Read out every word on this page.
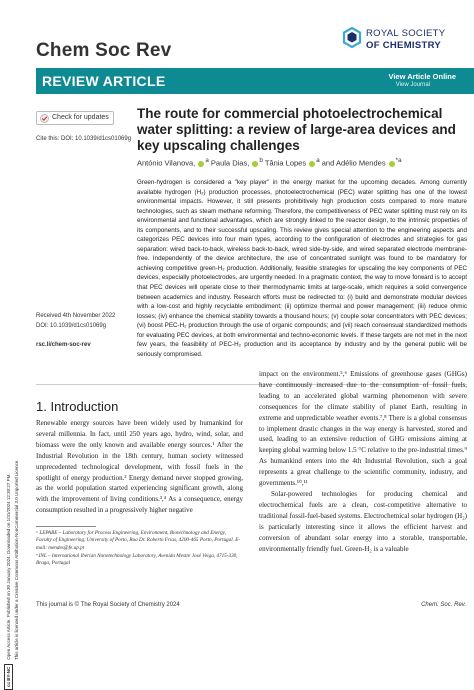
Chem Soc Rev
ROYAL SOCIETY
OF CHEMISTRY
REVIEW ARTICLE	View Article Online
View Journal
cc BY-NCOpen Access Article. Published on 30 January 2024. Downloaded on 1/31/2024 12:30:27 PM. This article is licensed under a Creative Commons Attribution-NonCommercial 3.0 Unported Licence.
Check for updates
Cite this: DOI: 10.1039/d1cs01069g
The route for commercial photoelectrochemical water splitting: a review of large-area devices and key upscaling challenges
António Vilanova, $^a$ Paula Dias, $^b$ Tânia Lopes $^a$ and Adélio Mendes $^{*a}$
Green-hydrogen is considered a "key player" in the energy market for the upcoming decades. Among currently available hydrogen (H₂) production processes, photoelectrochemical (PEC) water splitting has one of the lowest environmental impacts. However, it still presents prohibitively high production costs compared to more mature technologies, such as steam methane reforming. Therefore, the competitiveness of PEC water splitting must rely on its environmental and functional advantages, which are strongly linked to the reactor design, to the intrinsic properties of its components, and to their successful upscaling. This review gives special attention to the engineering aspects and categorizes PEC devices into four main types, according to the configuration of electrodes and strategies for gas separation: wired back-to-back, wireless back-to-back, wired side-by-side, and wired separated electrode membrane-free. Independently of the device architecture, the use of concentrated sunlight was found to be mandatory for achieving competitive green-H₂ production. Additionally, feasible strategies for upscaling the key components of PEC devices, especially photoelectrodes, are urgently needed. In a pragmatic context, the way to move forward is to accept that PEC devices will operate close to their thermodynamic limits at large-scale, which requires a solid convergence between academics and industry. Research efforts must be redirected to: (i) build and demonstrate modular devices with a low-cost and highly recyclable embodiment; (ii) optimize thermal and power management; (iii) reduce ohmic losses; (iv) enhance the chemical stability towards a thousand hours; (v) couple solar concentrators with PEC devices; (vi) boost PEC-H₂ production through the use of organic compounds; and (vii) reach consensual standardized methods for evaluating PEC devices, at both environmental and techno-economic levels. If these targets are not met in the next few years, the feasibility of PEC-H₂ production and its acceptance by industry and by the general public will be seriously compromised.
Received 4th November 2022
DOI: 10.1039/d1cs01069g
rsc.li/chem-soc-rev
1. Introduction

Renewable energy sources have been widely used by humankind for several millennia. In fact, until 250 years ago, hydro, wind, solar, and biomass were the only known and available energy sources.¹ After the Industrial Revolution in the 18th century, human society witnessed unprecedented technological development, with fossil fuels in the spotlight of energy production.² Energy demand never stopped growing, as the world population started experiencing significant growth, along with the improvement of living conditions.³,⁴ As a consequence, energy consumption resulted in a progressively higher negative

impact on the environment.⁵,⁶ Emissions of greenhouse gases (GHGs) have continuously increased due to the consumption of fossil fuels, leading to an accelerated global warming phenomenon with severe consequences for the climate stability of planet Earth, resulting in extreme and unpredictable weather events.⁷,⁸ There is a global consensus to implement drastic changes in the way energy is harvested, stored and used, leading to an extensive reduction of GHG emissions aiming at keeping global warming below 1.5 °C relative to the pre-industrial times.⁹ As humankind enters into the 4th Industrial Revolution, such a goal represents a great challenge to the scientific community, industry, and governments.¹⁰,¹¹

Solar-powered technologies for producing chemical and electrochemical fuels are a clean, cost-competitive alternative to traditional fossil-fuel-based systems. Electrochemical solar hydrogen (H₂) is particularly interesting since it allows the efficient harvest and conversion of abundant solar energy into a storable, transportable, environmentally friendly fuel. Green-H₂ is a valuable

ᵃ LEPABE – Laboratory for Process Engineering, Environment, Biotechnology and Energy, Faculty of Engineering, University of Porto, Rua Dr. Roberto Frias, 4200-465 Porto, Portugal. E-mail: mendes@fe.up.pt
ᵇ INL – International Iberian Nanotechnology Laboratory, Avenida Mestre José Veiga, 4715-330, Braga, Portugal
This journal is © The Royal Society of Chemistry 2024	Chem. Soc. Rev.
